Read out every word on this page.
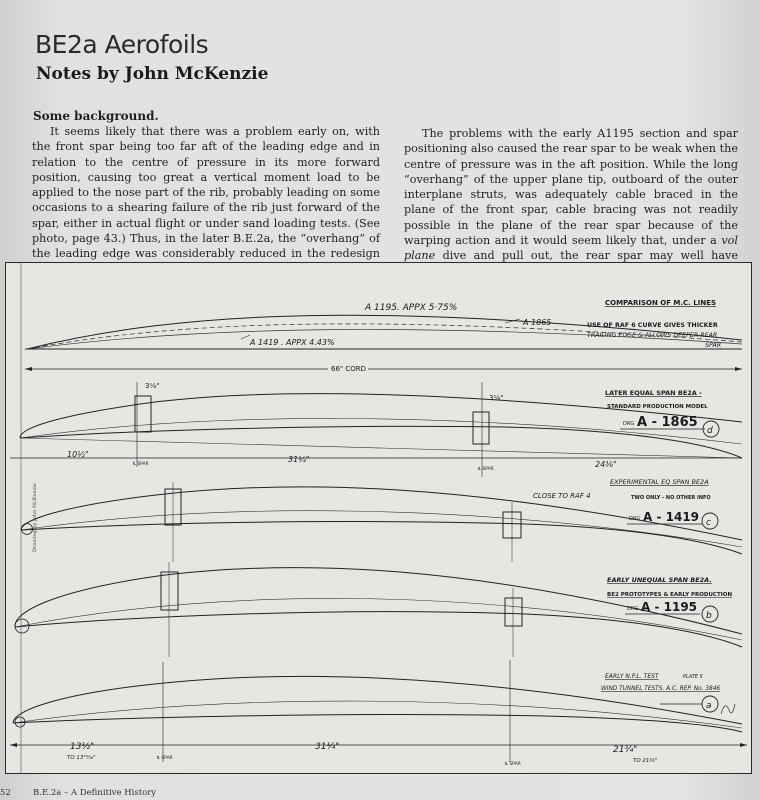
BE2a Aerofoils
Notes by John McKenzie
Some background.

It seems likely that there was a problem early on, with the front spar being too far aft of the leading edge and in relation to the centre of pressure in its more forward position, causing too great a vertical moment load to be applied to the nose part of the rib, probably leading on some occasions to a shearing failure of the rib just forward of the spar, either in actual flight or under sand loading tests. (See photo, page 43.) Thus, in the later B.E.2a, the “overhang” of the leading edge was considerably reduced in the redesign

The problems with the early A1195 section and spar positioning also caused the rear spar to be weak when the centre of pressure was in the aft position. While the long “overhang” of the upper plane tip, outboard of the outer interplane struts, was adequately cable braced in the plane of the front spar, cable bracing was not readily possible in the plane of the rear spar because of the warping action and it would seem likely that, under a vol plane dive and pull out, the rear spar may well have

A 1195. APPX 5·75%
A 1865
A 1419 . APPX 4.43%
COMPARISON OF M.C. LINES
USE OF RAF 6 CURVE GIVES THICKER
TRAILING EDGE & ALLOWS DEEPER REAR
SPAR
66" CORD
3⅛"
3⅛"
10½"
31¼"
24⅜"
℄ SPAR
℄ SPAR
LATER EQUAL SPAN BE2A -
STANDARD PRODUCTION MODEL
DRG A - 1865
d
EXPERIMENTAL EQ SPAN BE2A
CLOSE TO RAF 4	TWO ONLY - NO OTHER INFO
DRG A - 1419 c
EARLY UNEQUAL SPAN BE2A.
BE2 PROTOTYPES & EARLY PRODUCTION
DRG A - 1195
b
13½"
TO 13¹⁵⁄₁₆"
31¼"	21¾"
TO 21⅜"
℄ SPAR
℄ SPAR
EARLY N.P.L. TEST	PLATE II
WIND TUNNEL TESTS. A.C. REP. No. 3846
a
Drawing by John McKenzie
52	B.E.2a – A Definitive History
